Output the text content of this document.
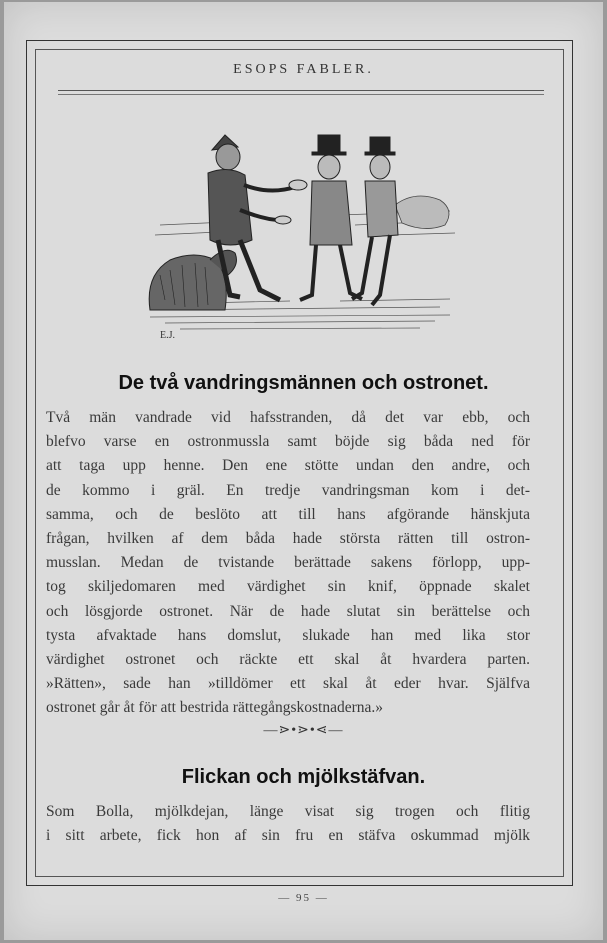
ESOPS FABLER.
E.J.
De två vandringsmännen och ostronet.

Två män vandrade vid hafsstranden, då det var ebb, och
blefvo varse en ostronmussla samt böjde sig båda ned för
att taga upp henne. Den ene stötte undan den andre, och
de kommo i gräl. En tredje vandringsman kom i det-
samma, och de beslöto att till hans afgörande hänskjuta
frågan, hvilken af dem båda hade största rätten till ostron-
musslan. Medan de tvistande berättade sakens förlopp, upp-
tog skiljedomaren med värdighet sin knif, öppnade skalet
och lösgjorde ostronet. När de hade slutat sin berättelse och
tysta afvaktade hans domslut, slukade han med lika stor
värdighet ostronet och räckte ett skal åt hvardera parten.
»Rätten», sade han »tilldömer ett skal åt eder hvar. Själfva
ostronet går åt för att bestrida rättegångskostnaderna.»

—⋗•⋗•⋖—
Flickan och mjölkstäfvan.

Som Bolla, mjölkdejan, länge visat sig trogen och flitig
i sitt arbete, fick hon af sin fru en stäfva oskummad mjölk

— 95 —
